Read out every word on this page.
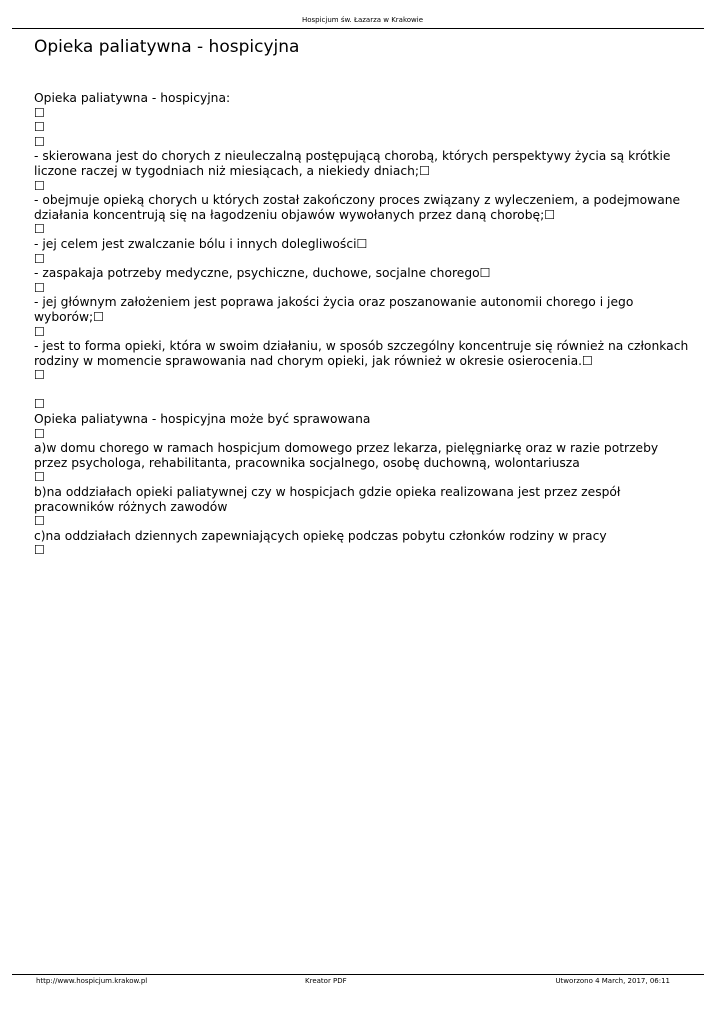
Hospicjum św. Łazarza w Krakowie
Opieka paliatywna - hospicyjna

Opieka paliatywna - hospicyjna:

☐

☐

☐

- skierowana jest do chorych z nieuleczalną postępującą chorobą, których perspektywy życia są krótkie liczone raczej w tygodniach niż miesiącach, a niekiedy dniach;☐

☐

- obejmuje opieką chorych u których został zakończony proces związany z wyleczeniem, a podejmowane działania koncentrują się na łagodzeniu objawów wywołanych przez daną chorobę;☐

☐

- jej celem jest zwalczanie bólu i innych dolegliwości☐

☐

- zaspakaja potrzeby medyczne, psychiczne, duchowe, socjalne chorego☐

☐

- jej głównym założeniem jest poprawa jakości życia oraz poszanowanie autonomii chorego i jego wyborów;☐

☐

- jest to forma opieki, która w swoim działaniu, w sposób szczególny koncentruje się również na członkach rodziny w momencie sprawowania nad chorym opieki, jak również w okresie osierocenia.☐

☐

☐

Opieka paliatywna - hospicyjna może być sprawowana

☐

a)w domu chorego w ramach hospicjum domowego przez lekarza, pielęgniarkę oraz w razie potrzeby przez psychologa, rehabilitanta, pracownika socjalnego, osobę duchowną, wolontariusza

☐

b)na oddziałach opieki paliatywnej czy w hospicjach gdzie opieka realizowana jest przez zespół pracowników różnych zawodów

☐

c)na oddziałach dziennych zapewniających opiekę podczas pobytu członków rodziny w pracy

☐

http://www.hospicjum.krakow.pl	Kreator PDF	Utworzono 4 March, 2017, 06:11
